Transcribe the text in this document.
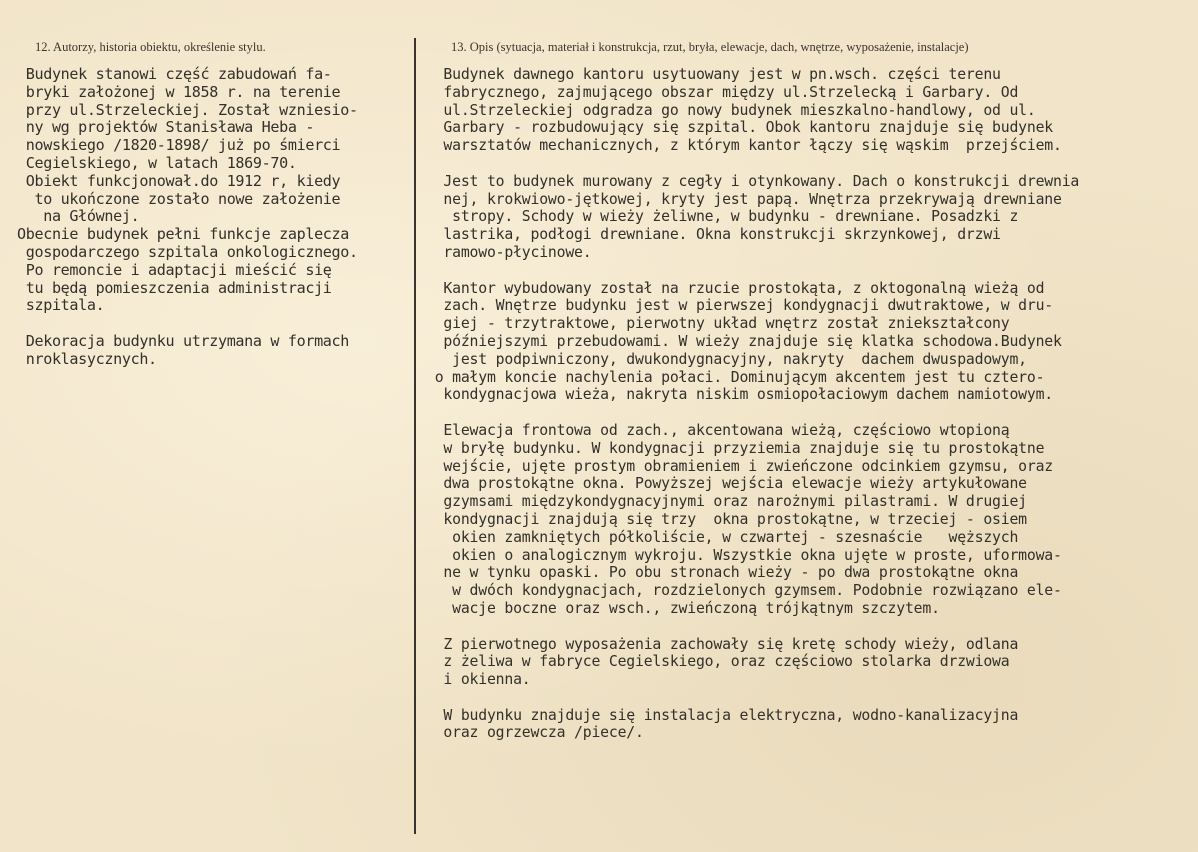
12. Autorzy, historia obiektu, określenie stylu.	13. Opis (sytuacja, materiał i konstrukcja, rzut, bryła, elewacje, dach, wnętrze, wyposażenie, instalacje)
Budynek stanowi część zabudowań fa-
bryki założonej w 1858 r. na terenie
przy ul.Strzeleckiej. Został wzniesio-
ny wg projektów Stanisława Heba -
nowskiego /1820-1898/ już po śmierci
Cegielskiego, w latach 1869-70.
Obiekt funkcjonował.do 1912 r, kiedy
to ukończone zostało nowe założenie
na Głównej.
Obecnie budynek pełni funkcje zaplecza
gospodarczego szpitala onkologicznego.
Po remoncie i adaptacji mieścić się
tu będą pomieszczenia administracji
szpitala.
Dekoracja budynku utrzymana w formach
nroklasycznych.
Budynek dawnego kantoru usytuowany jest w pn.wsch. części terenu
fabrycznego, zajmującego obszar między ul.Strzelecką i Garbary. Od
ul.Strzeleckiej odgradza go nowy budynek mieszkalno-handlowy, od ul.
Garbary - rozbudowujący się szpital. Obok kantoru znajduje się budynek
warsztatów mechanicznych, z którym kantor łączy się wąskim  przejściem.
Jest to budynek murowany z cegły i otynkowany. Dach o konstrukcji drewnia
nej, krokwiowo-jętkowej, kryty jest papą. Wnętrza przekrywają drewniane
stropy. Schody w wieży żeliwne, w budynku - drewniane. Posadzki z
lastrika, podłogi drewniane. Okna konstrukcji skrzynkowej, drzwi
ramowo-płycinowe.
Kantor wybudowany został na rzucie prostokąta, z oktogonalną wieżą od
zach. Wnętrze budynku jest w pierwszej kondygnacji dwutraktowe, w dru-
giej - trzytraktowe, pierwotny układ wnętrz został zniekształcony
późniejszymi przebudowami. W wieży znajduje się klatka schodowa.Budynek
jest podpiwniczony, dwukondygnacyjny, nakryty  dachem dwuspadowym,
o małym koncie nachylenia połaci. Dominującym akcentem jest tu cztero-
kondygnacjowa wieża, nakryta niskim osmiopołaciowym dachem namiotowym.
Elewacja frontowa od zach., akcentowana wieżą, częściowo wtopioną
w bryłę budynku. W kondygnacji przyziemia znajduje się tu prostokątne
wejście, ujęte prostym obramieniem i zwieńczone odcinkiem gzymsu, oraz
dwa prostokątne okna. Powyższej wejścia elewacje wieży artykułowane
gzymsami międzykondygnacyjnymi oraz narożnymi pilastrami. W drugiej
kondygnacji znajdują się trzy  okna prostokątne, w trzeciej - osiem
okien zamkniętych półkoliście, w czwartej - szesnaście   węższych
okien o analogicznym wykroju. Wszystkie okna ujęte w proste, uformowa-
ne w tynku opaski. Po obu stronach wieży - po dwa prostokątne okna
w dwóch kondygnacjach, rozdzielonych gzymsem. Podobnie rozwiązano ele-
wacje boczne oraz wsch., zwieńczoną trójkątnym szczytem.
Z pierwotnego wyposażenia zachowały się kretę schody wieży, odlana
z żeliwa w fabryce Cegielskiego, oraz częściowo stolarka drzwiowa
i okienna.
W budynku znajduje się instalacja elektryczna, wodno-kanalizacyjna
oraz ogrzewcza /piece/.
